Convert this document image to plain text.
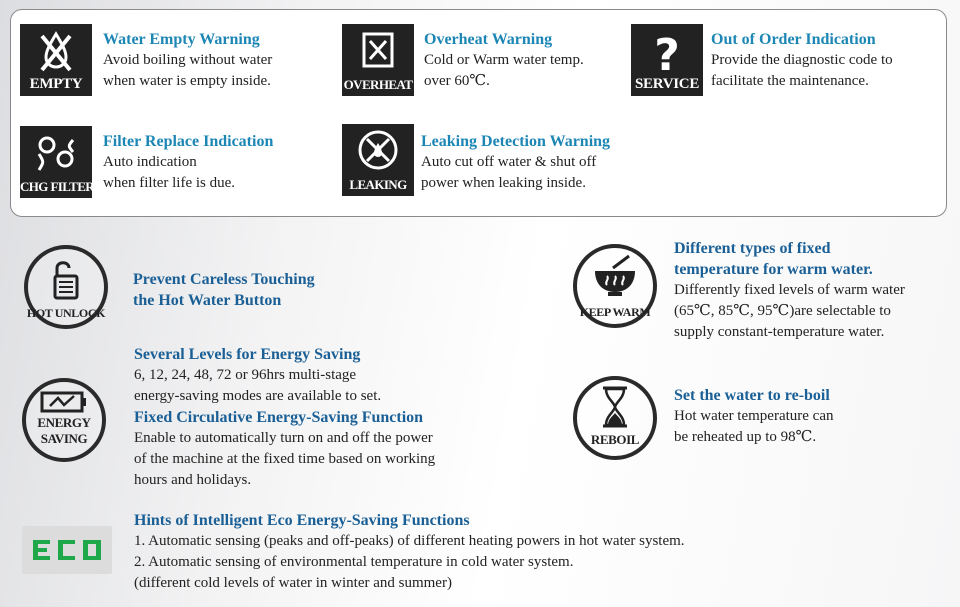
EMPTY
Water Empty Warning
Avoid boiling without water
when water is empty inside.	OVERHEAT
Overheat Warning
Cold or Warm water temp.
over 60℃.	?
SERVICE
Out of Order Indication
Provide the diagnostic code to
facilitate the maintenance.
CHG FILTER
Filter Replace Indication
Auto indication
when filter life is due.	LEAKING
Leaking Detection Warning
Auto cut off water & shut off
power when leaking inside.
HOT UNLOCK
Prevent Careless Touching
the Hot Water Button
KEEP WARM
Different types of fixed
temperature for warm water.
Differently fixed levels of warm water
(65℃, 85℃, 95℃)are selectable to
supply constant-temperature water.
ENERGY
SAVING
Several Levels for Energy Saving
6, 12, 24, 48, 72 or 96hrs multi-stage
energy-saving modes are available to set.
Fixed Circulative Energy-Saving Function
Enable to automatically turn on and off the power
of the machine at the fixed time based on working
hours and holidays.
REBOIL
Set the water to re-boil
Hot water temperature can
be reheated up to 98℃.
Hints of Intelligent Eco Energy-Saving Functions
1. Automatic sensing (peaks and off-peaks) of different heating powers in hot water system.
2. Automatic sensing of environmental temperature in cold water system.
(different cold levels of water in winter and summer)
